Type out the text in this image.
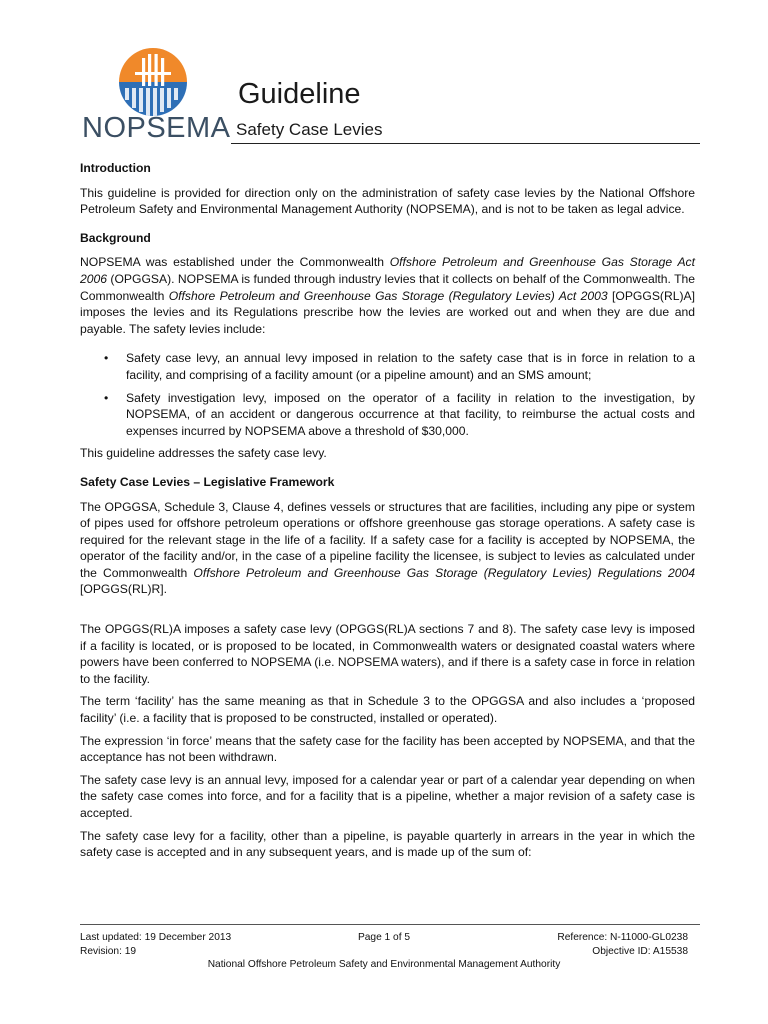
NOPSEMA
Guideline
Safety Case Levies
Introduction

This guideline is provided for direction only on the administration of safety case levies by the National Offshore Petroleum Safety and Environmental Management Authority (NOPSEMA), and is not to be taken as legal advice.

Background

NOPSEMA was established under the Commonwealth Offshore Petroleum and Greenhouse Gas Storage Act 2006 (OPGGSA). NOPSEMA is funded through industry levies that it collects on behalf of the Commonwealth. The Commonwealth Offshore Petroleum and Greenhouse Gas Storage (Regulatory Levies) Act 2003 [OPGGS(RL)A] imposes the levies and its Regulations prescribe how the levies are worked out and when they are due and payable. The safety levies include:

• Safety case levy, an annual levy imposed in relation to the safety case that is in force in relation to a facility, and comprising of a facility amount (or a pipeline amount) and an SMS amount;
• Safety investigation levy, imposed on the operator of a facility in relation to the investigation, by NOPSEMA, of an accident or dangerous occurrence at that facility, to reimburse the actual costs and expenses incurred by NOPSEMA above a threshold of $30,000.

This guideline addresses the safety case levy.

Safety Case Levies – Legislative Framework

The OPGGSA, Schedule 3, Clause 4, defines vessels or structures that are facilities, including any pipe or system of pipes used for offshore petroleum operations or offshore greenhouse gas storage operations. A safety case is required for the relevant stage in the life of a facility. If a safety case for a facility is accepted by NOPSEMA, the operator of the facility and/or, in the case of a pipeline facility the licensee, is subject to levies as calculated under the Commonwealth Offshore Petroleum and Greenhouse Gas Storage (Regulatory Levies) Regulations 2004 [OPGGS(RL)R].

The OPGGS(RL)A imposes a safety case levy (OPGGS(RL)A sections 7 and 8). The safety case levy is imposed if a facility is located, or is proposed to be located, in Commonwealth waters or designated coastal waters where powers have been conferred to NOPSEMA (i.e. NOPSEMA waters), and if there is a safety case in force in relation to the facility.

The term ‘facility’ has the same meaning as that in Schedule 3 to the OPGGSA and also includes a ‘proposed facility’ (i.e. a facility that is proposed to be constructed, installed or operated).

The expression ‘in force’ means that the safety case for the facility has been accepted by NOPSEMA, and that the acceptance has not been withdrawn.

The safety case levy is an annual levy, imposed for a calendar year or part of a calendar year depending on when the safety case comes into force, and for a facility that is a pipeline, whether a major revision of a safety case is accepted.

The safety case levy for a facility, other than a pipeline, is payable quarterly in arrears in the year in which the safety case is accepted and in any subsequent years, and is made up of the sum of:

Last updated: 19 December 2013	Page 1 of 5	Reference: N-11000-GL0238
Revision: 19	Objective ID: A15538
National Offshore Petroleum Safety and Environmental Management Authority
